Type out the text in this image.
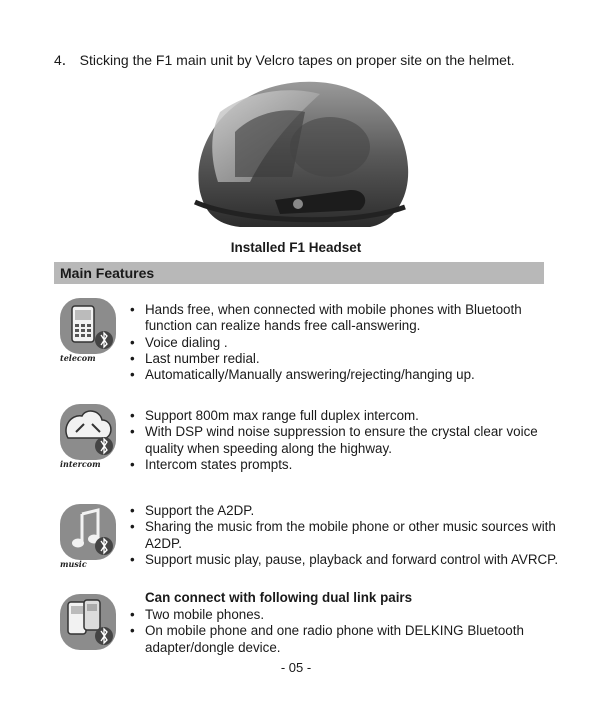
4． Sticking the F1 main unit by Velcro tapes on proper site on the helmet.
Installed F1 Headset
Main Features
telecom
• Hands free, when connected with mobile phones with Bluetooth function can realize hands free call-answering.
• Voice dialing .
• Last number redial.
• Automatically/Manually answering/rejecting/hanging up.
intercom
• Support 800m max range full duplex intercom.
• With DSP wind noise suppression to ensure the crystal clear voice quality when speeding along the highway.
• Intercom states prompts.
music
• Support the A2DP.
• Sharing the music from the mobile phone or other music sources with A2DP.
• Support music play, pause, playback and forward control with AVRCP.
Can connect with following dual link pairs
• Two mobile phones.
• On mobile phone and one radio phone with DELKING Bluetooth adapter/dongle device.
- 05 -
